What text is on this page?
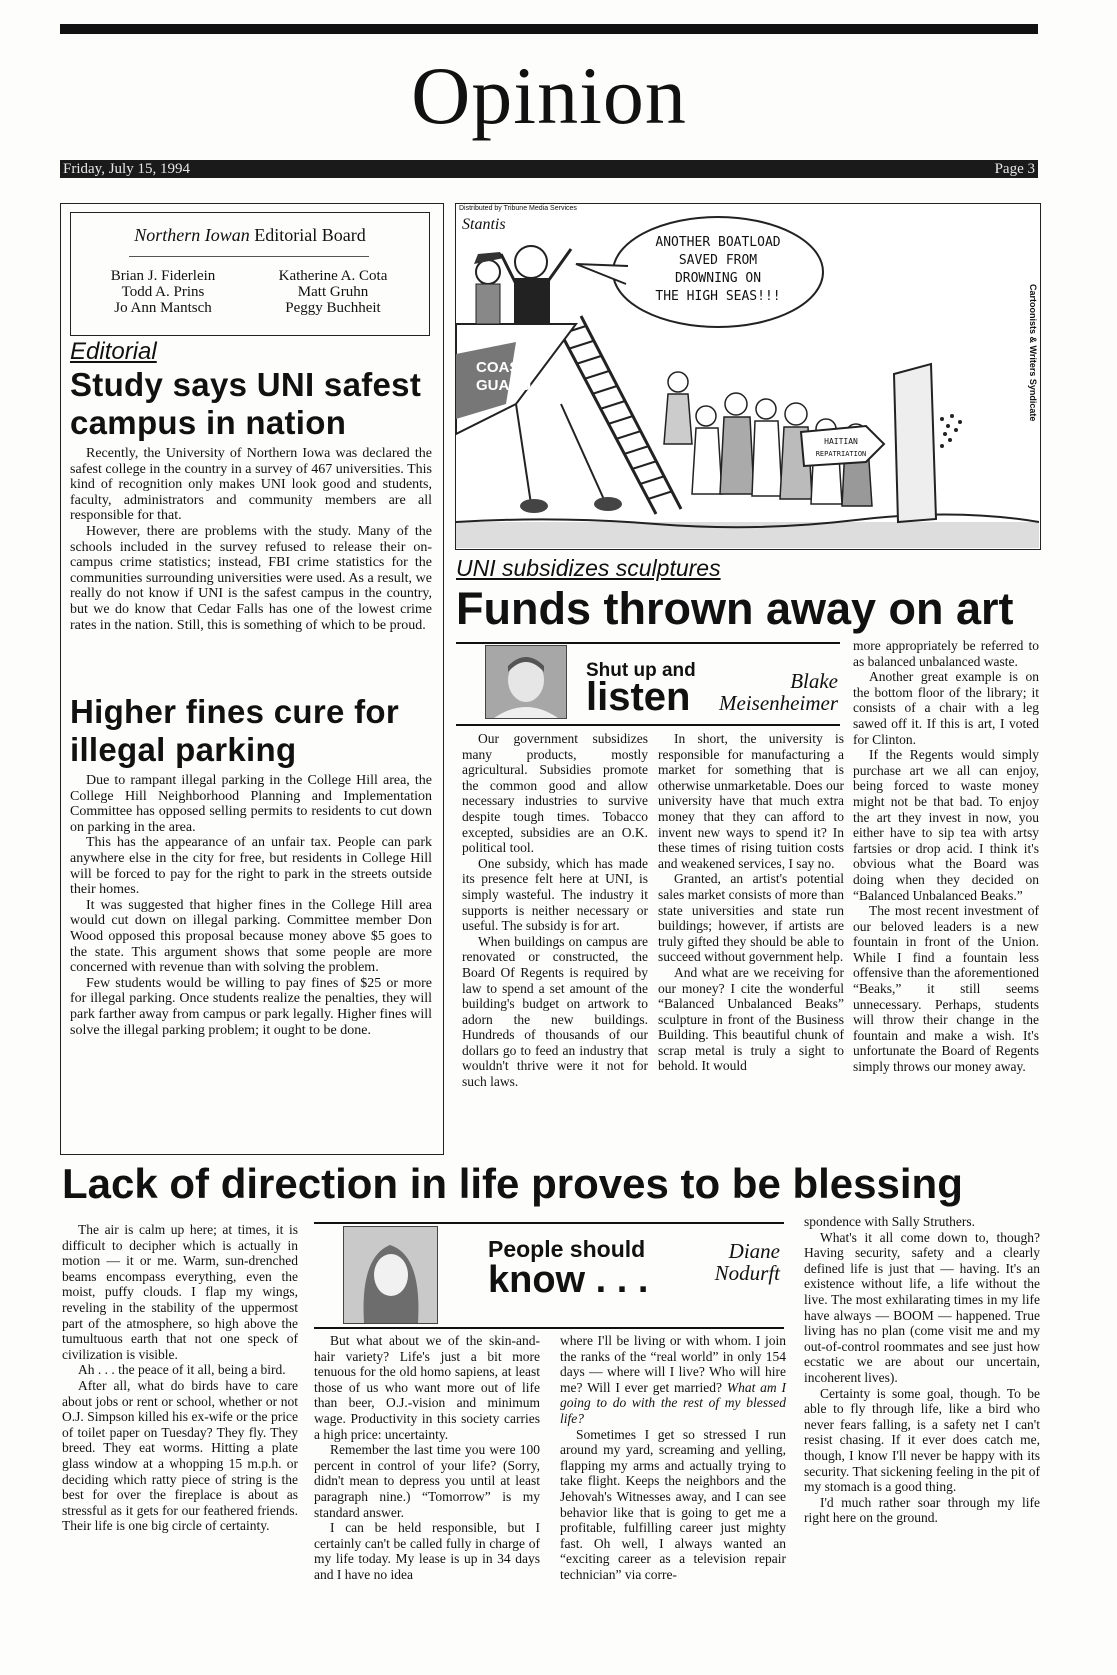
Opinion
Friday, July 15, 1994	Page 3
Northern Iowan Editorial Board
Brian J. Fiderlein
Todd A. Prins
Jo Ann Mantsch
Katherine A. Cota
Matt Gruhn
Peggy Buchheit
Editorial
Study says UNI safest campus in nation

Recently, the University of Northern Iowa was declared the safest college in the country in a survey of 467 universities. This kind of recognition only makes UNI look good and students, faculty, administrators and community members are all responsible for that.

However, there are problems with the study. Many of the schools included in the survey refused to release their on-campus crime statistics; instead, FBI crime statistics for the communities surrounding universities were used. As a result, we really do not know if UNI is the safest campus in the country, but we do know that Cedar Falls has one of the lowest crime rates in the nation. Still, this is something of which to be proud.

Higher fines cure for illegal parking

Due to rampant illegal parking in the College Hill area, the College Hill Neighborhood Planning and Implementation Committee has opposed selling permits to residents to cut down on parking in the area.

This has the appearance of an unfair tax. People can park anywhere else in the city for free, but residents in College Hill will be forced to pay for the right to park in the streets outside their homes.

It was suggested that higher fines in the College Hill area would cut down on illegal parking. Committee member Don Wood opposed this proposal because money above $5 goes to the state. This argument shows that some people are more concerned with revenue than with solving the problem.

Few students would be willing to pay fines of $25 or more for illegal parking. Once students realize the penalties, they will park farther away from campus or park legally. Higher fines will solve the illegal parking problem; it ought to be done.

Distributed by Tribune Media Services
Stantis
COAST
GUARD
ANOTHER BOATLOAD
SAVED FROM
DROWNING ON
THE HIGH SEAS!!!
HAITIAN
REPATRIATION
Cartoonists & Writers Syndicate
UNI subsidizes sculptures
Funds thrown away on art
Shut up and
listen	Blake
Meisenheimer

Our government subsidizes many products, mostly agricultural. Subsidies promote the common good and allow necessary industries to survive despite tough times. Tobacco excepted, subsidies are an O.K. political tool.

One subsidy, which has made its presence felt here at UNI, is simply wasteful. The industry it supports is neither necessary or useful. The subsidy is for art.

When buildings on campus are renovated or constructed, the Board Of Regents is required by law to spend a set amount of the building's budget on artwork to adorn the new buildings. Hundreds of thousands of our dollars go to feed an industry that wouldn't thrive were it not for such laws.

In short, the university is responsible for manufacturing a market for something that is otherwise unmarketable. Does our university have that much extra money that they can afford to invent new ways to spend it? In these times of rising tuition costs and weakened services, I say no.

Granted, an artist's potential sales market consists of more than state universities and state run buildings; however, if artists are truly gifted they should be able to succeed without government help.

And what are we receiving for our money? I cite the wonderful “Balanced Unbalanced Beaks” sculpture in front of the Business Building. This beautiful chunk of scrap metal is truly a sight to behold. It would

more appropriately be referred to as balanced unbalanced waste.

Another great example is on the bottom floor of the library; it consists of a chair with a leg sawed off it. If this is art, I voted for Clinton.

If the Regents would simply purchase art we all can enjoy, being forced to waste money might not be that bad. To enjoy the art they invest in now, you either have to sip tea with artsy fartsies or drop acid. I think it's obvious what the Board was doing when they decided on “Balanced Unbalanced Beaks.”

The most recent investment of our beloved leaders is a new fountain in front of the Union. While I find a fountain less offensive than the aforementioned “Beaks,” it still seems unnecessary. Perhaps, students will throw their change in the fountain and make a wish. It's unfortunate the Board of Regents simply throws our money away.

Lack of direction in life proves to be blessing

The air is calm up here; at times, it is difficult to decipher which is actually in motion — it or me. Warm, sun-drenched beams encompass everything, even the moist, puffy clouds. I flap my wings, reveling in the stability of the uppermost part of the atmosphere, so high above the tumultuous earth that not one speck of civilization is visible.

Ah . . . the peace of it all, being a bird.

After all, what do birds have to care about jobs or rent or school, whether or not O.J. Simpson killed his ex-wife or the price of toilet paper on Tuesday? They fly. They breed. They eat worms. Hitting a plate glass window at a whopping 15 m.p.h. or deciding which ratty piece of string is the best for over the fireplace is about as stressful as it gets for our feathered friends. Their life is one big circle of certainty.

People should
know . . .
Diane
Nodurft

But what about we of the skin-and-hair variety? Life's just a bit more tenuous for the old homo sapiens, at least those of us who want more out of life than beer, O.J.-vision and minimum wage. Productivity in this society carries a high price: uncertainty.

Remember the last time you were 100 percent in control of your life? (Sorry, didn't mean to depress you until at least paragraph nine.) “Tomorrow” is my standard answer.

I can be held responsible, but I certainly can't be called fully in charge of my life today. My lease is up in 34 days and I have no idea

where I'll be living or with whom. I join the ranks of the “real world” in only 154 days — where will I live? Who will hire me? Will I ever get married? What am I going to do with the rest of my blessed life?

Sometimes I get so stressed I run around my yard, screaming and yelling, flapping my arms and actually trying to take flight. Keeps the neighbors and the Jehovah's Witnesses away, and I can see behavior like that is going to get me a profitable, fulfilling career just mighty fast. Oh well, I always wanted an “exciting career as a television repair technician” via corre-

spondence with Sally Struthers.

What's it all come down to, though? Having security, safety and a clearly defined life is just that — having. It's an existence without life, a life without the live. The most exhilarating times in my life have always — BOOM — happened. True living has no plan (come visit me and my out-of-control roommates and see just how ecstatic we are about our uncertain, incoherent lives).

Certainty is some goal, though. To be able to fly through life, like a bird who never fears falling, is a safety net I can't resist chasing. If it ever does catch me, though, I know I'll never be happy with its security. That sickening feeling in the pit of my stomach is a good thing.

I'd much rather soar through my life right here on the ground.
